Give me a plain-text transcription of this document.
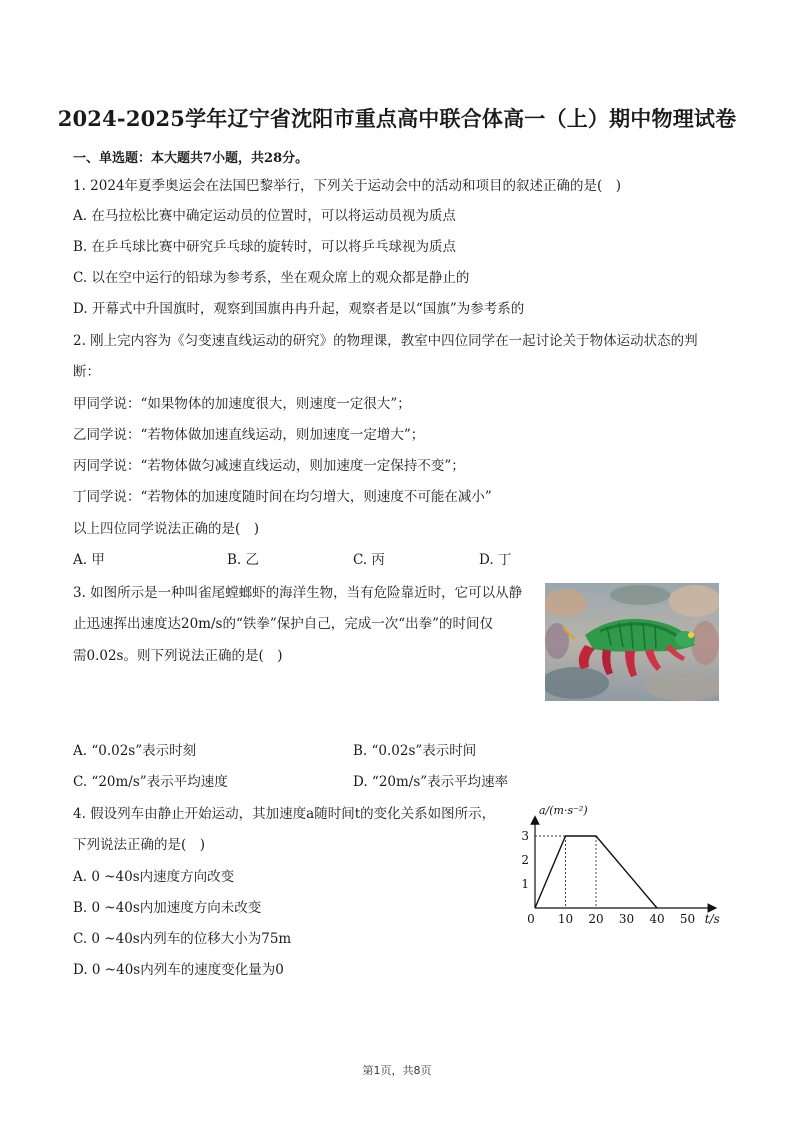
2024-2025学年辽宁省沈阳市重点高中联合体高一（上）期中物理试卷
一、单选题：本大题共7小题，共28分。
1. 2024年夏季奥运会在法国巴黎举行，下列关于运动会中的活动和项目的叙述正确的是(　)
A. 在马拉松比赛中确定运动员的位置时，可以将运动员视为质点
B. 在乒乓球比赛中研究乒乓球的旋转时，可以将乒乓球视为质点
C. 以在空中运行的铅球为参考系，坐在观众席上的观众都是静止的
D. 开幕式中升国旗时，观察到国旗冉冉升起，观察者是以“国旗”为参考系的
2. 刚上完内容为《匀变速直线运动的研究》的物理课，教室中四位同学在一起讨论关于物体运动状态的判
断：
甲同学说：“如果物体的加速度很大，则速度一定很大”；
乙同学说：“若物体做加速直线运动，则加速度一定增大”；
丙同学说：“若物体做匀减速直线运动，则加速度一定保持不变”；
丁同学说：“若物体的加速度随时间在均匀增大，则速度不可能在减小”
以上四位同学说法正确的是(　)
A. 甲	B. 乙	C. 丙	D. 丁
3. 如图所示是一种叫雀尾螳螂虾的海洋生物，当有危险靠近时，它可以从静
止迅速挥出速度达20m/s的“铁拳”保护自己，完成一次“出拳”的时间仅
需0.02s。则下列说法正确的是(　)
A. “0.02s”表示时刻	B. “0.02s”表示时间
C. “20m/s”表示平均速度	D. “20m/s”表示平均速率
4. 假设列车由静止开始运动，其加速度a随时间t的变化关系如图所示，
下列说法正确的是(　)
A. 0 ~40s内速度方向改变
B. 0 ~40s内加速度方向未改变
C. 0 ~40s内列车的位移大小为75m
D. 0 ~40s内列车的速度变化量为0
10 20 30 40 50
1
2
3
a/(m·s⁻²)
t/s
0
第1页，共8页
